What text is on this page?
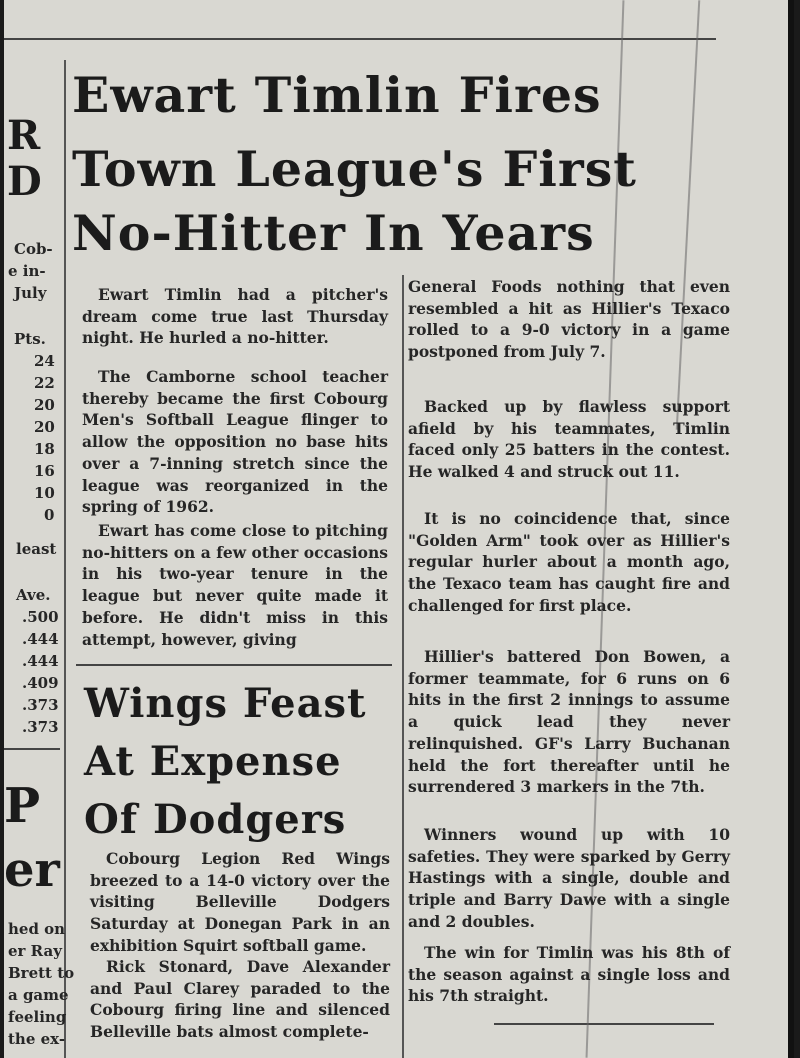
R

D

Cob-

e in-

July

Pts.

24

22

20

20

18

16

10

0

least

Ave.

.500

.444

.444

.409

.373

.373

P

er

hed on

er Ray

Brett to

a game

feeling

the ex-

Ewart Timlin Fires
Town League's First
No-Hitter In Years

Ewart Timlin had a pitcher's dream come true last Thursday night. He hurled a no-hitter.

The Camborne school teacher thereby became the first Cobourg Men's Softball League flinger to allow the opposition no base hits over a 7-inning stretch since the league was reorganized in the spring of 1962.

Ewart has come close to pitching no-hitters on a few other occasions in his two-year tenure in the league but never quite made it before. He didn't miss in this attempt, however, giving

General Foods nothing that even resembled a hit as Hillier's Texaco rolled to a 9-0 victory in a game postponed from July 7.

Backed up by flawless support afield by his teammates, Timlin faced only 25 batters in the contest. He walked 4 and struck out 11.

It is no coincidence that, since "Golden Arm" took over as Hillier's regular hurler about a month ago, the Texaco team has caught fire and challenged for first place.

Hillier's battered Don Bowen, a former teammate, for 6 runs on 6 hits in the first 2 innings to assume a quick lead they never relinquished. GF's Larry Buchanan held the fort thereafter until he surrendered 3 markers in the 7th.

Winners wound up with 10 safeties. They were sparked by Gerry Hastings with a single, double and triple and Barry Dawe with a single and 2 doubles.

The win for Timlin was his 8th of the season against a single loss and his 7th straight.

Wings Feast
At Expense
Of Dodgers

Cobourg Legion Red Wings breezed to a 14-0 victory over the visiting Belleville Dodgers Saturday at Donegan Park in an exhibition Squirt softball game.

Rick Stonard, Dave Alexander and Paul Clarey paraded to the Cobourg firing line and silenced Belleville bats almost complete-
